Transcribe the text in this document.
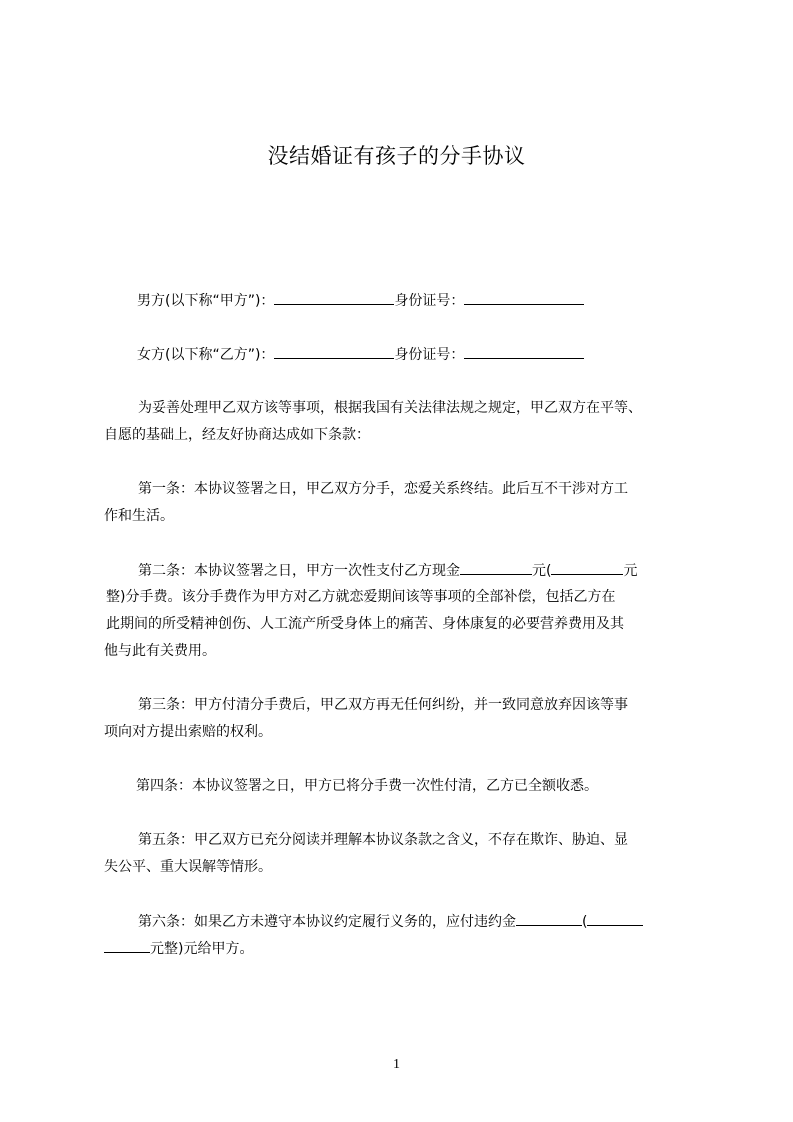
没结婚证有孩子的分手协议
男方(以下称“甲方”)：	身份证号：
女方(以下称“乙方”)：	身份证号：
为妥善处理甲乙双方该等事项，根据我国有关法律法规之规定，甲乙双方在平等、
自愿的基础上，经友好协商达成如下条款：
第一条：本协议签署之日，甲乙双方分手，恋爱关系终结。此后互不干涉对方工
作和生活。
第二条：本协议签署之日，甲方一次性支付乙方现金	元(	元
整)分手费。该分手费作为甲方对乙方就恋爱期间该等事项的全部补偿，包括乙方在
此期间的所受精神创伤、人工流产所受身体上的痛苦、身体康复的必要营养费用及其
他与此有关费用。
第三条：甲方付清分手费后，甲乙双方再无任何纠纷，并一致同意放弃因该等事
项向对方提出索赔的权利。
第四条：本协议签署之日，甲方已将分手费一次性付清，乙方已全额收悉。
第五条：甲乙双方已充分阅读并理解本协议条款之含义，不存在欺诈、胁迫、显
失公平、重大误解等情形。
第六条：如果乙方未遵守本协议约定履行义务的，应付违约金	(
元整)元给甲方。
1
